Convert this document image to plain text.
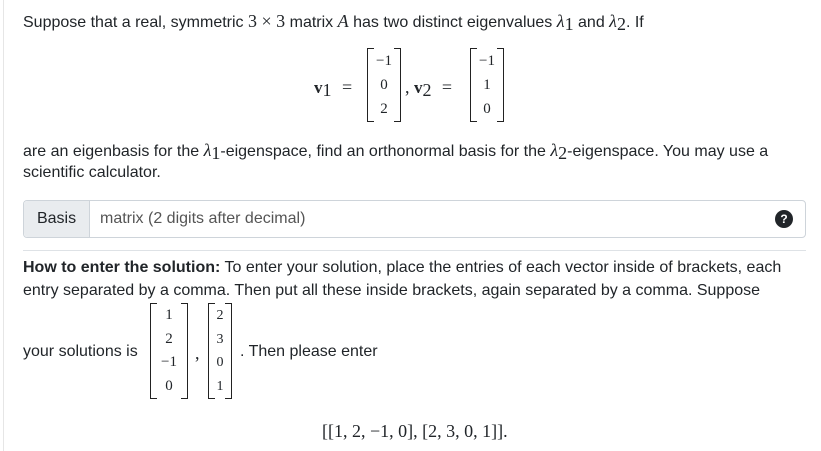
Suppose that a real, symmetric 3 × 3 matrix A has two distinct eigenvalues $\lambda_1$ and $\lambda_2$. If
$v_1$ =
−1
0
2
, $v_2$ =
−1
1
0
are an eigenbasis for the $\lambda_1$-eigenspace, find an orthonormal basis for the $\lambda_2$-eigenspace. You may use a
scientific calculator.
Basis
matrix (2 digits after decimal)	?
How to enter the solution: To enter your solution, place the entries of each vector inside of brackets, each
entry separated by a comma. Then put all these inside brackets, again separated by a comma. Suppose
your solutions is
1
2
−1
0
,
2
3
0
1
. Then please enter
[[1, 2, −1, 0], [2, 3, 0, 1]].
